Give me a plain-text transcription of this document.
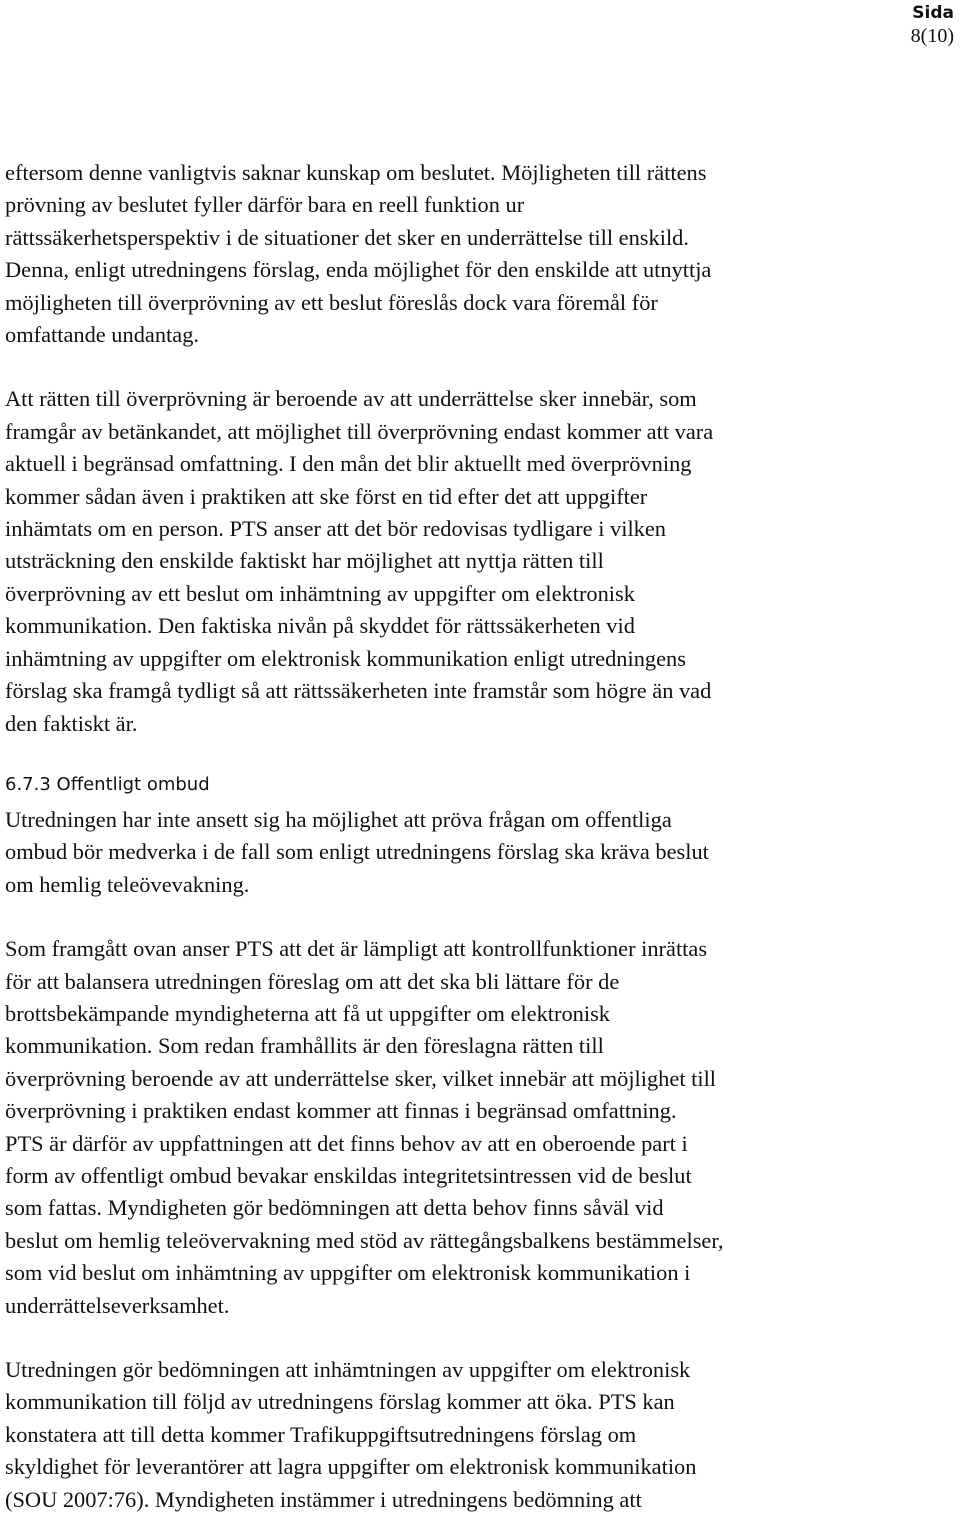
Sida
8(10)

eftersom denne vanligtvis saknar kunskap om beslutet. Möjligheten till rättens
prövning av beslutet fyller därför bara en reell funktion ur
rättssäkerhetsperspektiv i de situationer det sker en underrättelse till enskild.
Denna, enligt utredningens förslag, enda möjlighet för den enskilde att utnyttja
möjligheten till överprövning av ett beslut föreslås dock vara föremål för
omfattande undantag.

Att rätten till överprövning är beroende av att underrättelse sker innebär, som
framgår av betänkandet, att möjlighet till överprövning endast kommer att vara
aktuell i begränsad omfattning. I den mån det blir aktuellt med överprövning
kommer sådan även i praktiken att ske först en tid efter det att uppgifter
inhämtats om en person. PTS anser att det bör redovisas tydligare i vilken
utsträckning den enskilde faktiskt har möjlighet att nyttja rätten till
överprövning av ett beslut om inhämtning av uppgifter om elektronisk
kommunikation. Den faktiska nivån på skyddet för rättssäkerheten vid
inhämtning av uppgifter om elektronisk kommunikation enligt utredningens
förslag ska framgå tydligt så att rättssäkerheten inte framstår som högre än vad
den faktiskt är.

6.7.3 Offentligt ombud

Utredningen har inte ansett sig ha möjlighet att pröva frågan om offentliga
ombud bör medverka i de fall som enligt utredningens förslag ska kräva beslut
om hemlig teleövevakning.

Som framgått ovan anser PTS att det är lämpligt att kontrollfunktioner inrättas
för att balansera utredningen föreslag om att det ska bli lättare för de
brottsbekämpande myndigheterna att få ut uppgifter om elektronisk
kommunikation. Som redan framhållits är den föreslagna rätten till
överprövning beroende av att underrättelse sker, vilket innebär att möjlighet till
överprövning i praktiken endast kommer att finnas i begränsad omfattning.
PTS är därför av uppfattningen att det finns behov av att en oberoende part i
form av offentligt ombud bevakar enskildas integritetsintressen vid de beslut
som fattas. Myndigheten gör bedömningen att detta behov finns såväl vid
beslut om hemlig teleövervakning med stöd av rättegångsbalkens bestämmelser,
som vid beslut om inhämtning av uppgifter om elektronisk kommunikation i
underrättelseverksamhet.

Utredningen gör bedömningen att inhämtningen av uppgifter om elektronisk
kommunikation till följd av utredningens förslag kommer att öka. PTS kan
konstatera att till detta kommer Trafikuppgiftsutredningens förslag om
skyldighet för leverantörer att lagra uppgifter om elektronisk kommunikation
(SOU 2007:76). Myndigheten instämmer i utredningens bedömning att
